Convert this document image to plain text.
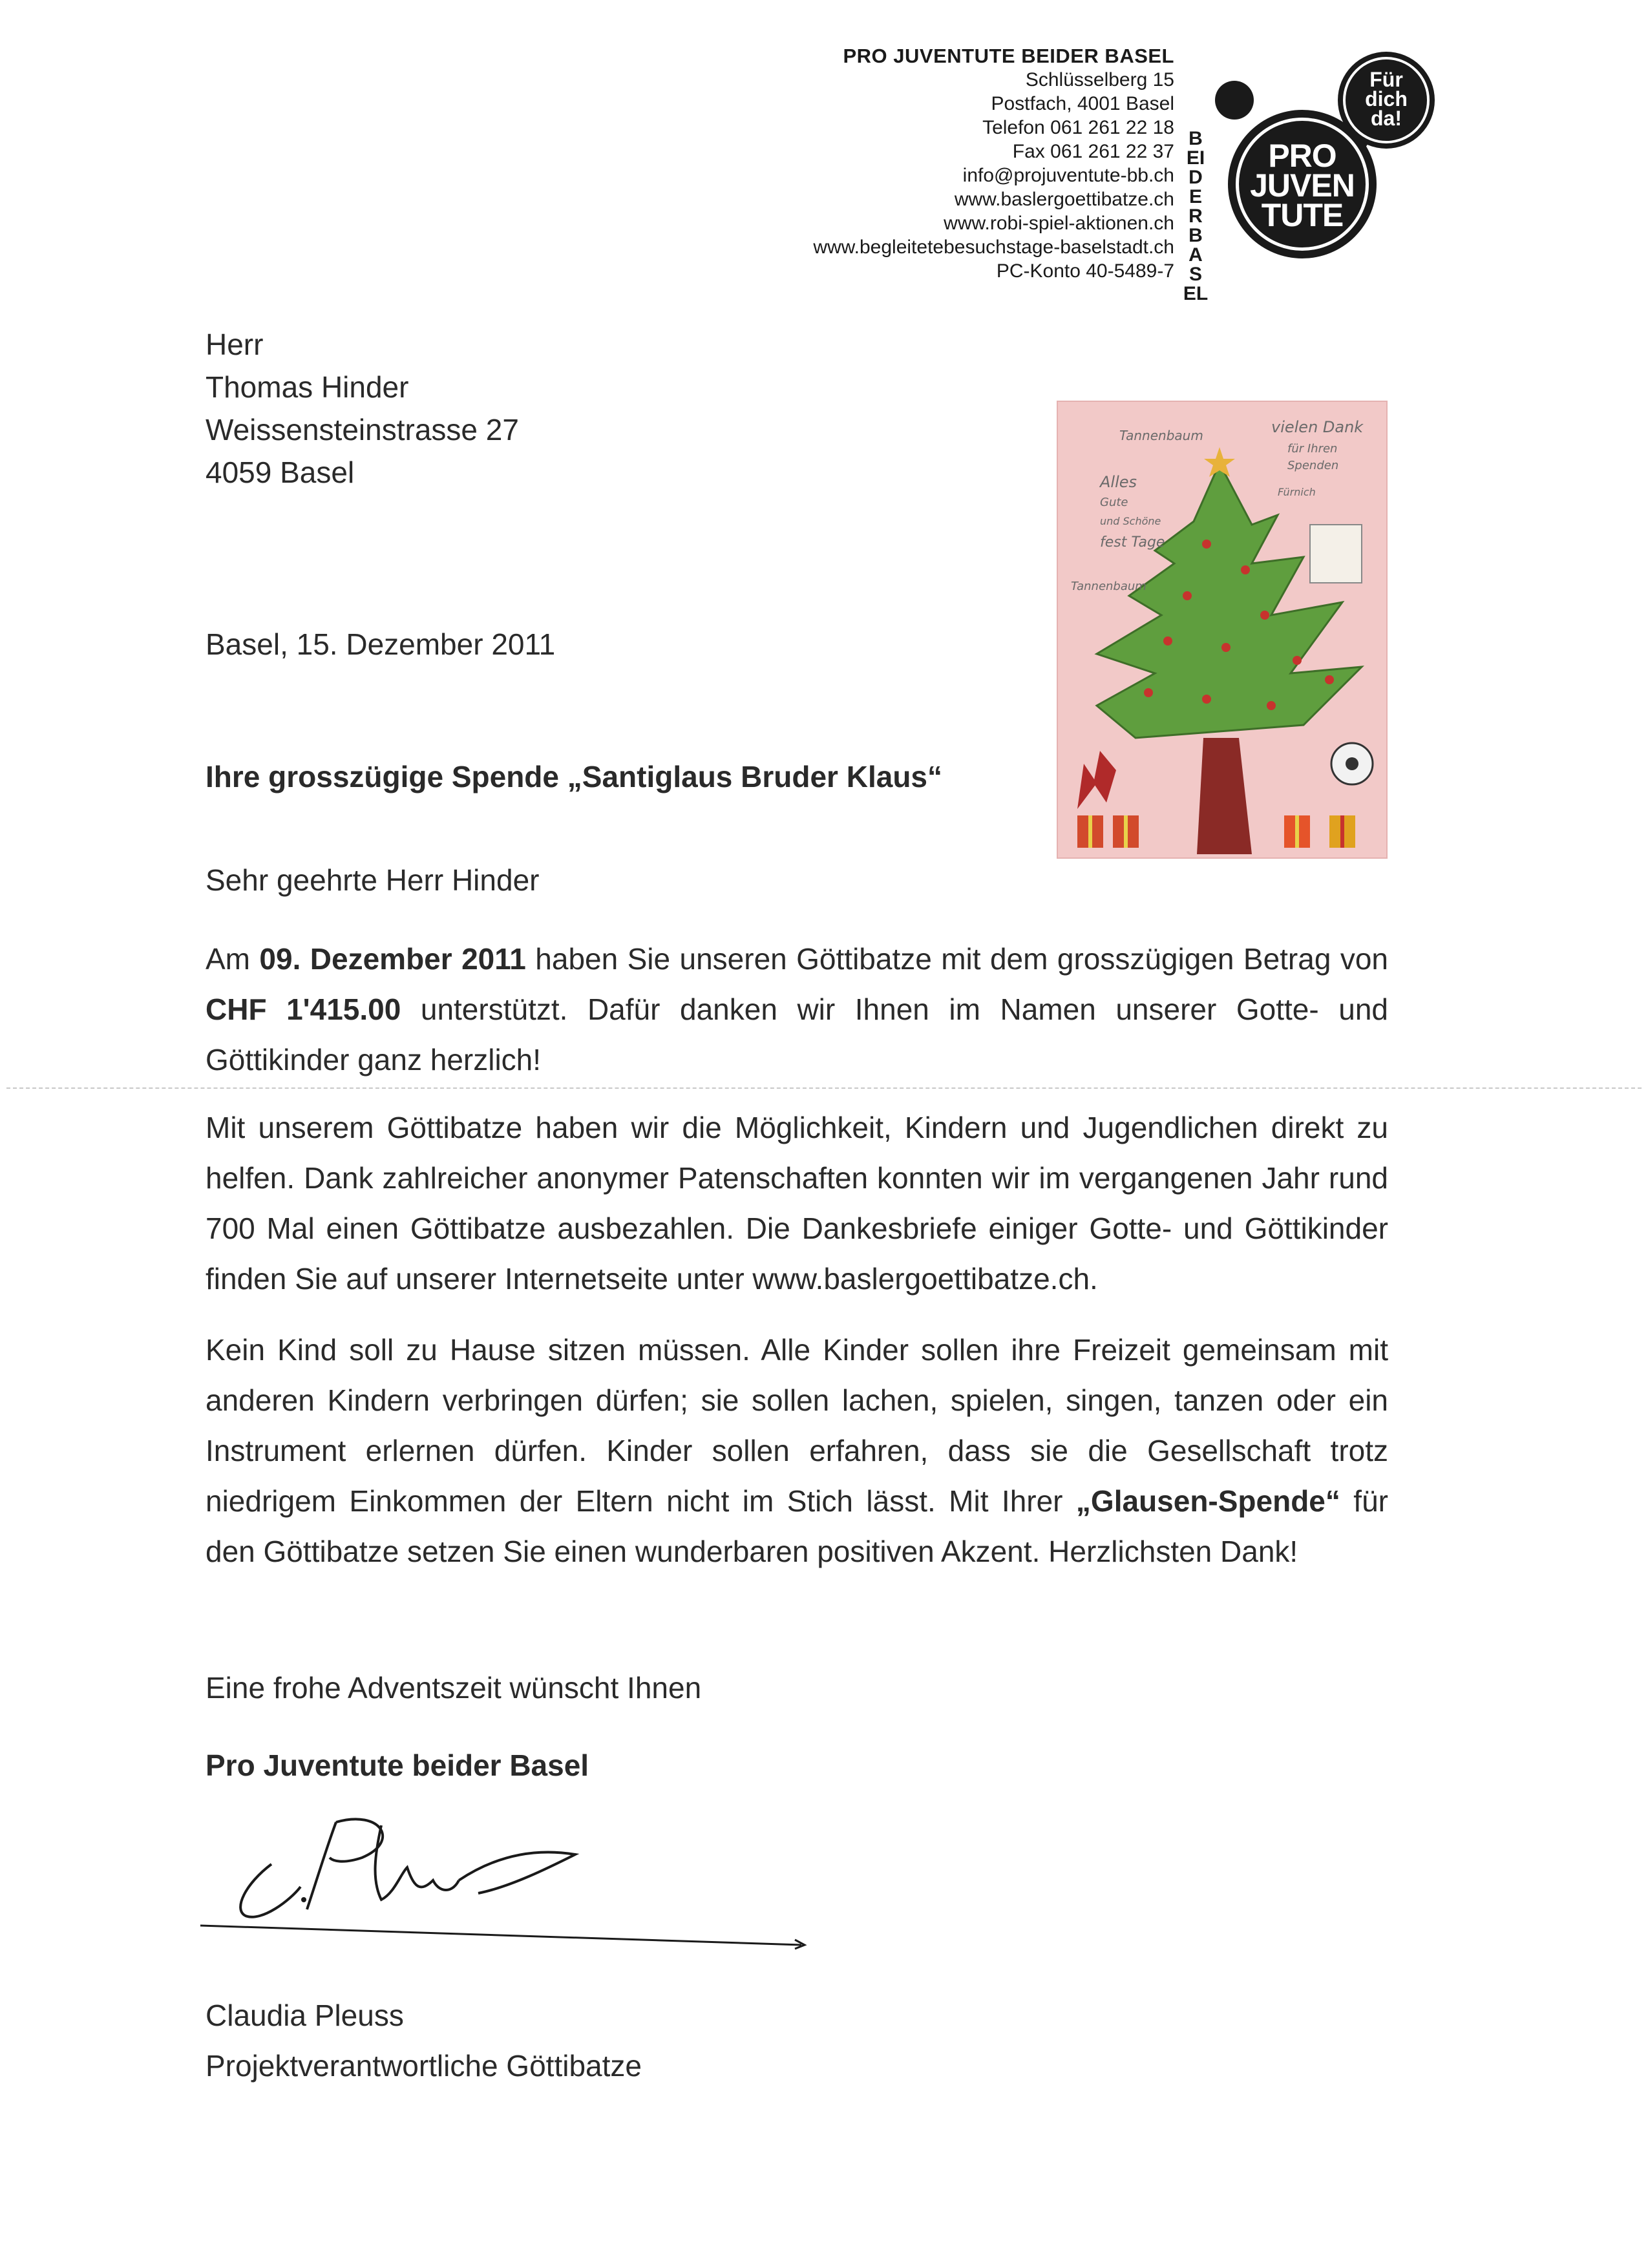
PRO JUVENTUTE BEIDER BASEL
Schlüsselberg 15
Postfach, 4001 Basel
Telefon 061 261 22 18
Fax 061 261 22 37
info@projuventute-bb.ch
www.baslergoettibatze.ch
www.robi-spiel-aktionen.ch
www.begleitetebesuchstage-baselstadt.ch
PC-Konto 40-5489-7
Für
dich
da!
PRO
JUVEN
TUTE
BEIDER BASEL
Herr
Thomas Hinder
Weissensteinstrasse 27
4059 Basel
Tannenbaum	vielen Dank
für Ihren
Spenden
Fürnich
Alles
Gute
und Schöne
fest Tage
Tannenbaum
Basel, 15. Dezember 2011
Ihre grosszügige Spende „Santiglaus Bruder Klaus“
Sehr geehrte Herr Hinder

Am 09. Dezember 2011 haben Sie unseren Göttibatze mit dem grosszügigen Betrag von CHF 1'415.00 unterstützt. Dafür danken wir Ihnen im Namen unserer Gotte- und Göttikinder ganz herzlich!

Mit unserem Göttibatze haben wir die Möglichkeit, Kindern und Jugendlichen direkt zu helfen. Dank zahlreicher anonymer Patenschaften konnten wir im vergangenen Jahr rund 700 Mal einen Göttibatze ausbezahlen. Die Dankesbriefe einiger Gotte- und Göttikinder finden Sie auf unserer Internetseite unter www.baslergoettibatze.ch.

Kein Kind soll zu Hause sitzen müssen. Alle Kinder sollen ihre Freizeit gemeinsam mit anderen Kindern verbringen dürfen; sie sollen lachen, spielen, singen, tanzen oder ein Instrument erlernen dürfen. Kinder sollen erfahren, dass sie die Gesellschaft trotz niedrigem Einkommen der Eltern nicht im Stich lässt. Mit Ihrer „Glausen-Spende“ für den Göttibatze setzen Sie einen wunderbaren positiven Akzent. Herzlichsten Dank!

Eine frohe Adventszeit wünscht Ihnen
Pro Juventute beider Basel
Claudia Pleuss
Projektverantwortliche Göttibatze
